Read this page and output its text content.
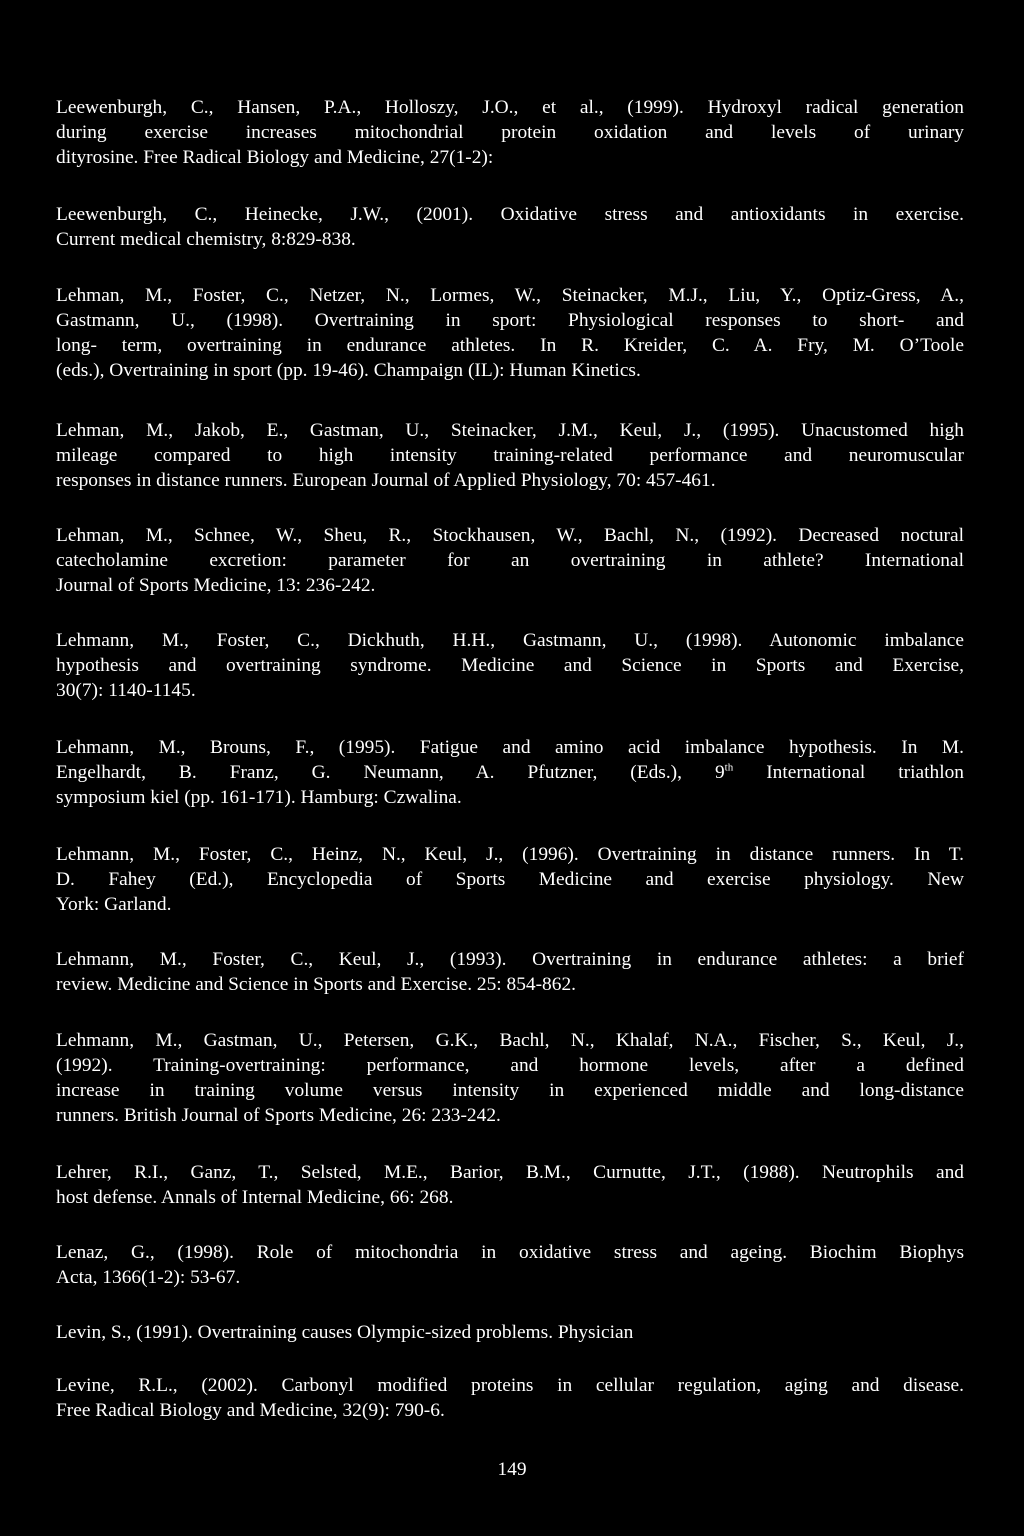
Leewenburgh, C., Hansen, P.A., Holloszy, J.O., et al., (1999). Hydroxyl radical generation
during exercise increases mitochondrial protein oxidation and levels of urinary
dityrosine. Free Radical Biology and Medicine, 27(1-2):
Leewenburgh, C., Heinecke, J.W., (2001). Oxidative stress and antioxidants in exercise.
Current medical chemistry, 8:829-838.
Lehman, M., Foster, C., Netzer, N., Lormes, W., Steinacker, M.J., Liu, Y., Optiz-Gress, A.,
Gastmann, U., (1998). Overtraining in sport: Physiological responses to short- and
long- term, overtraining in endurance athletes. In R. Kreider, C. A. Fry, M. O’Toole
(eds.), Overtraining in sport (pp. 19-46). Champaign (IL): Human Kinetics.
Lehman, M., Jakob, E., Gastman, U., Steinacker, J.M., Keul, J., (1995). Unacustomed high
mileage compared to high intensity training-related performance and neuromuscular
responses in distance runners. European Journal of Applied Physiology, 70: 457-461.
Lehman, M., Schnee, W., Sheu, R., Stockhausen, W., Bachl, N., (1992). Decreased noctural
catecholamine excretion: parameter for an overtraining in athlete? International
Journal of Sports Medicine, 13: 236-242.
Lehmann, M., Foster, C., Dickhuth, H.H., Gastmann, U., (1998). Autonomic imbalance
hypothesis and overtraining syndrome. Medicine and Science in Sports and Exercise,
30(7): 1140-1145.
Lehmann, M., Brouns, F., (1995). Fatigue and amino acid imbalance hypothesis. In M.
Engelhardt, B. Franz, G. Neumann, A. Pfutzner, (Eds.), 9th International triathlon
symposium kiel (pp. 161-171). Hamburg: Czwalina.
Lehmann, M., Foster, C., Heinz, N., Keul, J., (1996). Overtraining in distance runners. In T.
D. Fahey (Ed.), Encyclopedia of Sports Medicine and exercise physiology. New
York: Garland.
Lehmann, M., Foster, C., Keul, J., (1993). Overtraining in endurance athletes: a brief
review. Medicine and Science in Sports and Exercise. 25: 854-862.
Lehmann, M., Gastman, U., Petersen, G.K., Bachl, N., Khalaf, N.A., Fischer, S., Keul, J.,
(1992). Training-overtraining: performance, and hormone levels, after a defined
increase in training volume versus intensity in experienced middle and long-distance
runners. British Journal of Sports Medicine, 26: 233-242.
Lehrer, R.I., Ganz, T., Selsted, M.E., Barior, B.M., Curnutte, J.T., (1988). Neutrophils and
host defense. Annals of Internal Medicine, 66: 268.
Lenaz, G., (1998). Role of mitochondria in oxidative stress and ageing. Biochim Biophys
Acta, 1366(1-2): 53-67.
Levin, S., (1991). Overtraining causes Olympic-sized problems. Physician
Levine, R.L., (2002). Carbonyl modified proteins in cellular regulation, aging and disease.
Free Radical Biology and Medicine, 32(9): 790-6.

149
